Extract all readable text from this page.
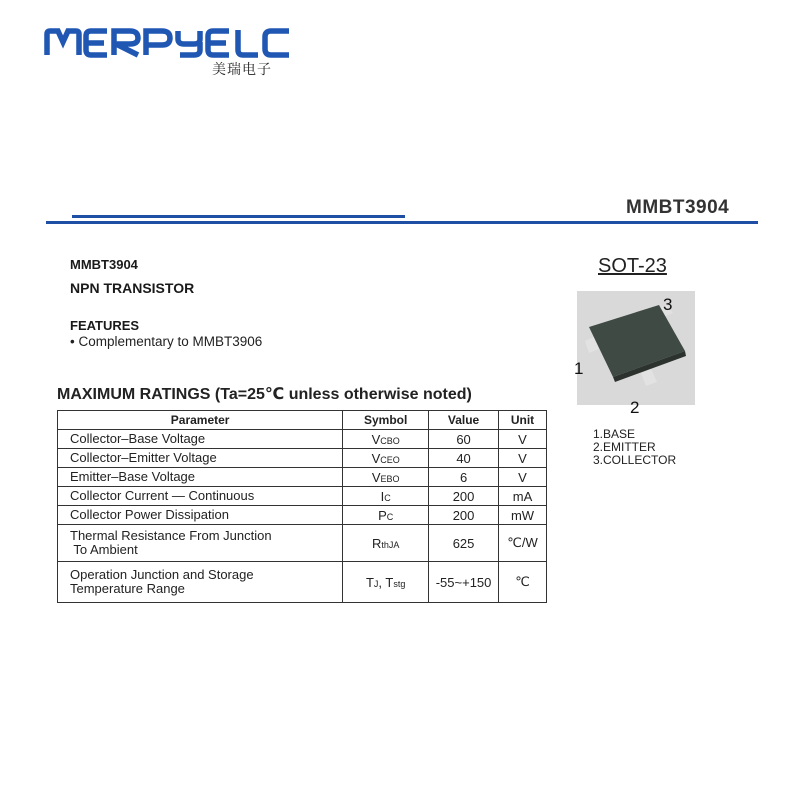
美瑞电子
MMBT3904
MMBT3904
NPN TRANSISTOR
FEATURES
• Complementary to MMBT3906
MAXIMUM RATINGS (Ta=25℃ unless otherwise noted)
Parameter	Symbol	Value	Unit
Collector–Base Voltage	VCBO	60	V
Collector–Emitter Voltage	VCEO	40	V
Emitter–Base Voltage	VEBO	6	V
Collector Current — Continuous	IC	200	mA
Collector Power Dissipation	PC	200	mW

Thermal Resistance From Junction
To Ambient	RthJA	625	℃/W

Operation Junction and Storage
Temperature Range	TJ, Tstg	-55~+150	℃
SOT-23
3
1
2
1.BASE
2.EMITTER
3.COLLECTOR
